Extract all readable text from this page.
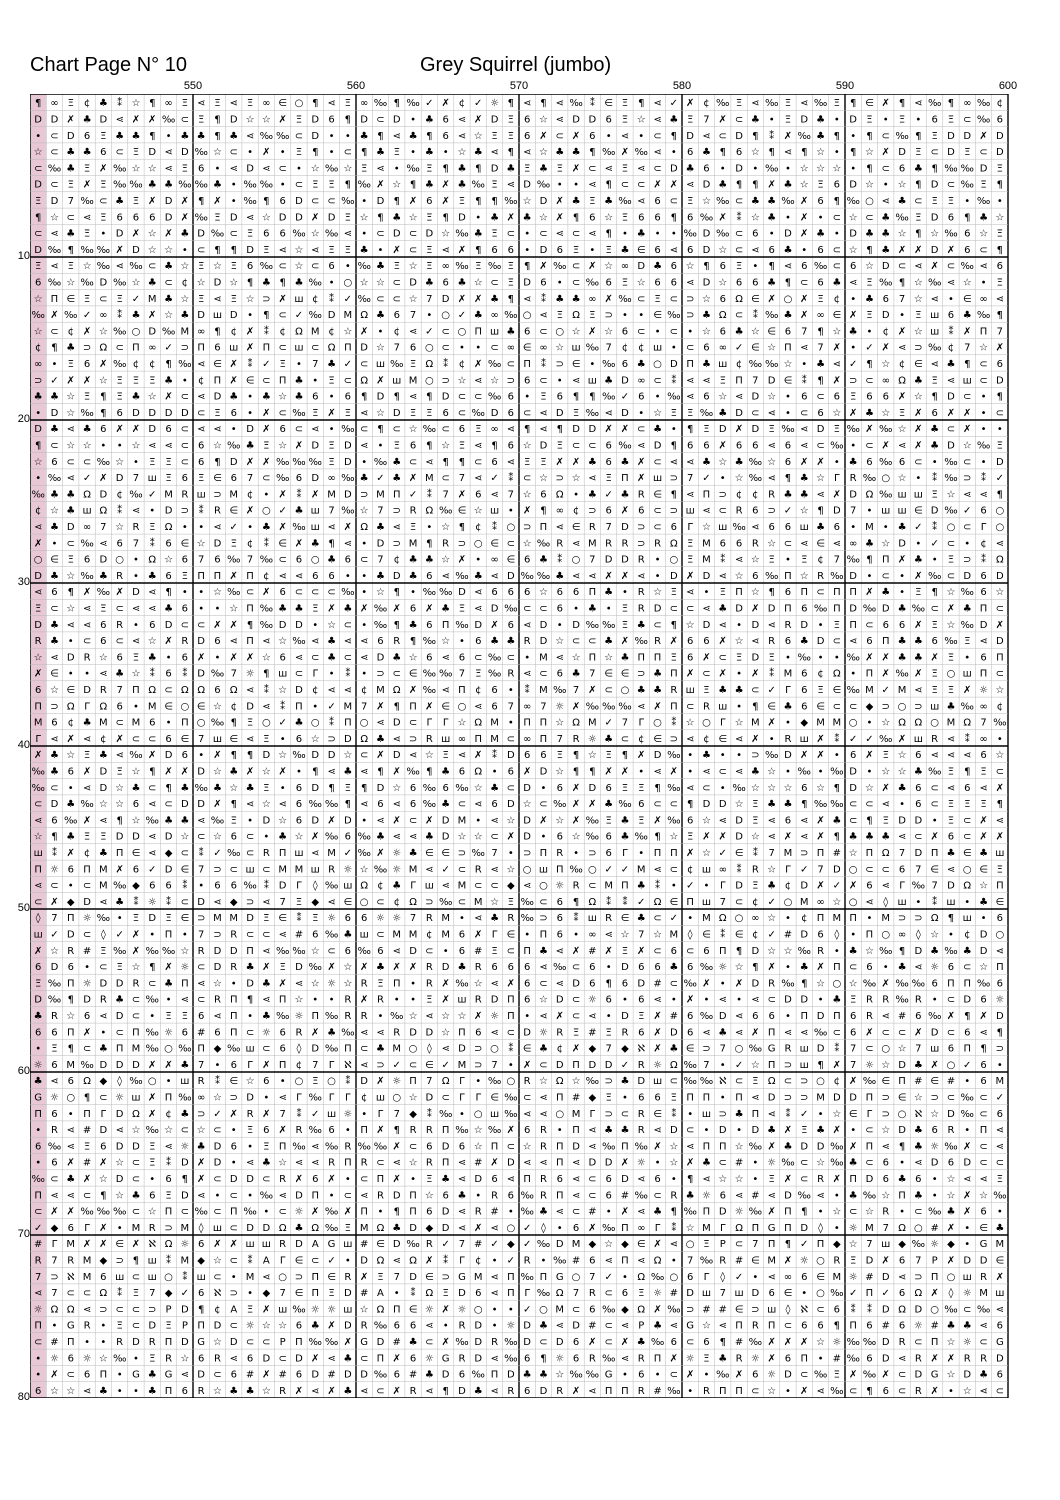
Chart Page N° 10	Grey Squirrel (jumbo)
550	560	570	580	590	600
10
20
30
40
50
60
70
80
¶ ∞ Ξ ¢ ♣ ⁑ ☆ ¶ ∞ Ξ ⋖ Ξ ⋖ Ξ ∞ ∈ ○ ¶ ⋖ Ξ ∞ ‰ ¶ ‰ ✓ ✗ ¢ ✓ ☼ ¶ ⋖ ¶ ⋖ ‰ ⁑ ∈ Ξ ¶ ⋖ ✓ ✗ ¢ ‰ Ξ ⋖ ‰ Ξ ⋖ ‰ Ξ ¶ ∈ ✗ ¶ ⋖ ‰ ¶ ∞ ‰ ¢
D D ✗ ♣ D ⋖ ✗ ✗ ‰ ⊂ Ξ ¶ D ☆ ☆ ✗ Ξ D 6 ¶ D ⊂ D • ♣ 6 ⋖ ✗ D Ξ 6 ☆ ⋖ D D 6 Ξ ☆ ⋖ ♣ Ξ 7 ✗ ⊂ ♣ • Ξ D ♣ • D Ξ • Ξ • 6 Ξ ⊂ ‰ 6
• ⊂ D 6 Ξ ♣ ♣ ¶ • ♣ ♣ ¶ ♣ ⋖ ‰ ‰ ⊂ D • • ♣ ¶ ⋖ ♣ ¶ 6 ⋖ ☆ Ξ Ξ 6 ✗ ⊂ ✗ 6 • ⋖ • ⊂ ¶ D ⋖ ⊂ D ¶ ⁑ ✗ ‰ ♣ ¶ • ¶ ⊂ ‰ ¶ Ξ D D ✗ D
☆ ⊂ ♣ ♣ 6 ⊂ Ξ D ⋖ D ‰ ☆ ⊂ • ✗ • Ξ ¶ • ⊂ ¶ ♣ Ξ • ♣ • ☆ ♣ ⋖ ¶ ⋖ ☆ ♣ ♣ ¶ ‰ ✗ ‰ ⋖ • 6 ♣ ¶ 6 ☆ ¶ ⋖ ¶ ☆ • ¶ ☆ ✗ D Ξ ⊂ D Ξ ⊂ D
⊂ ‰ ♣ Ξ ✗ ‰ ☆ ☆ ⋖ Ξ 6 • ⋖ D ⋖ ⊂ • ☆ ‰ ☆ Ξ ⋖ • ‰ Ξ ¶ ♣ ¶ D ♣ Ξ ♣ Ξ ✗ ⊂ ⋖ Ξ ⋖ ⊂ D ♣ 6 • D • ‰ • ☆ ☆ ☆ • ¶ ⊂ 6 ♣ ¶ ‰ ‰ D Ξ
D ⊂ Ξ ✗ Ξ ‰ ‰ ♣ ♣ ‰ ‰ ♣ • ‰ ‰ • ⊂ Ξ Ξ ¶ ‰ ✗ ☆ ¶ ♣ ✗ ♣ ‰ Ξ ⋖ D ‰ • • ⋖ ¶ ⊂ ⊂ ✗ ✗ ⋖ D ♣ ¶ ¶ ✗ ♣ ☆ Ξ 6 D ☆ • ☆ ¶ D ⊂ ‰ Ξ ¶
Ξ D 7 ‰ ⊂ ♣ Ξ ✗ D ✗ ¶ ✗ • ‰ ¶ 6 D ⊂ ⊂ ‰ • D ¶ ✗ 6 ✗ Ξ ¶ ¶ ‰ ☆ D ✗ ♣ Ξ ♣ ‰ ⋖ 6 ⊂ Ξ ☆ ‰ ⊂ ♣ ♣ ‰ ✗ 6 ¶ ‰ ○ ⋖ ♣ ⊂ Ξ Ξ • ‰ •
¶ ☆ ⊂ ⋖ Ξ 6 6 6 D ✗ ‰ Ξ D ⋖ ☆ D D ✗ D Ξ ☆ ¶ ♣ ☆ Ξ ¶ D • ♣ ✗ ♣ ☆ ✗ ¶ 6 ☆ Ξ 6 6 ¶ 6 ‰ ✗ ⁑ ☆ ♣ • ✗ • ⊂ ☆ ⊂ ♣ ‰ Ξ D 6 ¶ ♣ ☆
⊂ ⋖ ♣ Ξ • D ✗ ☆ ✗ ♣ D ‰ ⊂ Ξ 6 6 ‰ ☆ ‰ ⋖ • ⊂ D ⊂ D ☆ ‰ ♣ Ξ ⊂ • ⊂ ⋖ ⊂ ⋖ ¶ • ♣ • • ‰ D ‰ ⊂ 6 • D ✗ ♣ • D ♣ ♣ ☆ ¶ ☆ ‰ 6 ☆ Ξ
D ‰ ¶ ‰ ‰ ✗ D ☆ ☆ • ⊂ ¶ ¶ D Ξ ⋖ ☆ ⋖ Ξ Ξ ♣ • ✗ ⊂ Ξ ⋖ ✗ ¶ 6 6 • D 6 Ξ • Ξ ♣ ∈ 6 ⋖ 6 D ☆ ⊂ ⋖ 6 ♣ • 6 ⊂ ☆ ¶ ♣ ✗ ✗ D ✗ 6 ⊂ ¶
Ξ ⋖ Ξ ☆ ‰ ⋖ ‰ ⊂ ♣ ☆ Ξ ☆ Ξ 6 ‰ ⊂ ☆ ⊂ 6 • ‰ ♣ Ξ ☆ Ξ ∞ ‰ Ξ ‰ Ξ ¶ ✗ ‰ ⊂ ✗ ☆ ∞ D ♣ 6 ☆ ¶ 6 Ξ • ¶ ⋖ 6 ‰ ⊂ 6 ☆ D ⊂ ⋖ ✗ ⊂ ‰ ⋖ 6
6 ‰ ☆ ‰ D ‰ ☆ ♣ ⊂ ¢ ☆ D ☆ ¶ ♣ ¶ ♣ ‰ • ○ ☆ ☆ ⊂ D ♣ 6 ♣ ☆ ⊂ Ξ D 6 • ⊂ ‰ 6 Ξ ☆ 6 6 ⋖ D ☆ 6 6 ♣ ¶ ⊂ 6 ♣ ⋖ Ξ ‰ ¶ ☆ ‰ ⋖ ☆ • Ξ
☆ Π ∈ Ξ ⊂ Ξ ✓ M ♣ ☆ Ξ ⋖ Ξ ☆ ⊃ ✗ ш ¢ ⁑ ✓ ‰ ⊂ ⊂ ☆ 7 D ✗ ✗ ♣ ¶ ⋖ ⁑ ♣ ♣ ∞ ✗ ‰ ⊂ Ξ ⊂ ⊃ ☆ 6 Ω ∈ ✗ ○ ✗ Ξ ¢ • ♣ 6 7 ☆ ⋖ • ∈ ∞ ⋖
‰ ✗ ‰ ✓ ∞ ⁑ ♣ ✗ ☆ ♣ D ш D • ¶ ⊂ ✓ ‰ D M Ω ♣ 6 7 • ○ ✓ ♣ ∞ ‰ ○ ⋖ Ξ Ω Ξ ⊃ • • ∈ ‰ ⊃ ♣ Ω ⊂ ⁑ ‰ ♣ ✗ ∞ ∈ ✗ Ξ D • Ξ ш 6 ♣ ‰ ¶
☆ ⊂ ¢ ✗ ☆ ‰ ○ D ‰ M ∞ ¶ ¢ ✗ ⁑ ¢ Ω M ¢ ☆ ✗ • ¢ ⋖ ✓ ⊂ ○ Π ш ♣ 6 ⊂ ○ ☆ ✗ ☆ 6 ⊂ • ⊂ • ☆ 6 ♣ ☆ ∈ 6 7 ¶ ☆ ♣ • ¢ ✗ ☆ ш ⁑ ✗ Π 7
¢ ¶ ♣ ⊃ Ω ⊂ Π ∞ ✓ ⊃ Π 6 ш ✗ Π ⊂ ш ⊂ Ω Π D ☆ 7 6 ○ ⊂ • • ⊂ ∞ ∈ ∞ ☆ ш ‰ 7 ¢ ¢ ш • ⊂ 6 ∞ ✓ ∈ ☆ Π ⋖ 7 ✗ • ✓ ✗ ⋖ ⊃ ‰ ¢ 7 ☆ ✗
∞ • Ξ 6 ✗ ‰ ¢ ¢ ¶ ‰ ⋖ ∈ ✗ ⁑ ✓ Ξ • 7 ♣ ✓ ⊂ ш ‰ Ξ Ω ⁑ ¢ ✗ ‰ ⊂ Π ⁑ ⊃ ∈ • ‰ 6 ♣ ○ D Π ♣ ш ¢ ‰ ‰ ☆ • ♣ ⋖ ✓ ¶ ☆ ¢ ∈ ⋖ ♣ ¶ ⊂ 6
⊃ ✓ ✗ ✗ ☆ Ξ Ξ Ξ ♣ • ¢ Π ✗ ∈ ⊂ Π ♣ • Ξ ⊂ Ω ✗ ш M ○ ⊃ ☆ ⋖ ☆ ⊃ 6 ⊂ • ⋖ ш ♣ D ∞ ⊂ ⁑ ⋖ ⋖ Ξ Π 7 D ∈ ⁑ ¶ ✗ ⊃ ⊂ ∞ Ω ♣ Ξ ⋖ ш ⊂ D
♣ ♣ ☆ Ξ ¶ Ξ ♣ ☆ ✗ ⊂ ⋖ D ♣ • ♣ ☆ ♣ 6 • 6 ¶ D ¶ ⋖ ¶ D ⊂ ⊂ ‰ 6 • Ξ 6 ¶ ¶ ‰ ✓ 6 • ‰ ⋖ 6 ☆ ⋖ D ☆ • 6 ⊂ 6 Ξ 6 6 ✗ ☆ ¶ D ⊂ • ¶
• D ☆ ‰ ¶ 6 D D D D ⊂ Ξ 6 • ✗ ⊂ ‰ Ξ ✗ Ξ ⋖ ☆ D Ξ Ξ 6 ⊂ ‰ D 6 ⊂ ⋖ D Ξ ‰ ⋖ D • ☆ Ξ Ξ ‰ ♣ D ⊂ ⋖ • ⊂ 6 ☆ ✗ ♣ ☆ Ξ ✗ 6 ✗ ✗ • ⊂
D ♣ ⋖ ♣ 6 ✗ ✗ D 6 ⊂ ⋖ ⋖ • D ✗ 6 ⊂ ⋖ • ‰ ⊂ ¶ ⊂ ☆ ‰ ⊂ 6 Ξ ∞ ⋖ ¶ ⋖ ¶ D D ✗ ✗ ⊂ ♣ • ¶ Ξ D ✗ D Ξ ‰ ⋖ D Ξ ‰ ✗ ‰ ☆ ✗ ♣ ⊂ ✗ • •
¶ ⊂ ☆ ☆ • • ☆ ⋖ ⋖ ⊂ 6 ☆ ‰ ♣ Ξ ☆ ✗ D Ξ D ⋖ • Ξ 6 ¶ ☆ Ξ ⋖ ¶ 6 ☆ D Ξ ⊂ ⊂ 6 ‰ ⋖ D ¶ 6 6 ✗ 6 6 ⋖ 6 ⋖ ⊂ ‰ • ⊂ ✗ ⋖ ✗ ♣ D ☆ ‰ Ξ
☆ 6 ⊂ ⊂ ‰ ☆ • Ξ Ξ ⊂ 6 ¶ D ✗ ✗ ‰ ‰ ‰ Ξ D • ‰ ♣ ⊂ ⋖ ¶ ¶ ⊂ 6 ⋖ Ξ Ξ ✗ ✗ ♣ 6 ♣ ✗ ⊂ ⋖ ⋖ ♣ ☆ ♣ ‰ ☆ 6 ✗ ✗ • ♣ 6 ‰ 6 ⊂ • ‰ ⊂ • D
• ‰ ⋖ ✓ ✗ D 7 ш Ξ 6 Ξ ∈ 6 7 ⊂ ‰ 6 D ∞ ‰ ♣ ✓ ♣ ✗ M ⊂ 7 ⋖ ✓ ⁑ ⊂ ☆ ⊃ ☆ ⋖ Ξ Π ✗ ш ⊃ 7 ✓ • ☆ ‰ ⋖ ¶ ♣ ☆ Γ R ‰ ○ ☆ • ⁑ ‰ ⊃ ⁑ ✓
‰ ♣ ♣ Ω D ¢ ‰ ✓ M R ш ⊃ M ¢ • ✗ ⁑ ✗ M D ⊃ M Π ✓ ⁑ 7 ✗ 6 ⋖ 7 ☆ 6 Ω • ♣ ✓ ♣ R ∈ ¶ ⋖ Π ⊃ ¢ ¢ R ♣ ♣ ⋖ ✗ D Ω ‰ ш ш Ξ ☆ ⋖ ⋖ ¶
¢ ☆ ♣ ш Ω ⁑ ⋖ • D ⊃ ⁑ R ∈ ✗ ○ ✓ ♣ ш 7 ‰ ☆ 7 ⊃ R Ω ‰ ∈ ☆ ш • ✗ ¶ ∞ ¢ ⊃ 6 ✗ 6 ⊂ ⊃ ш ⋖ ⊂ R 6 ⊃ ✓ ☆ ¶ D 7 • ш ш ∈ D ‰ ✓ 6 ○
⋖ ♣ D ∞ 7 ☆ R Ξ Ω • • ⋖ ✓ • ♣ ✗ ‰ ш ⋖ ✗ Ω ♣ ⋖ Ξ • ☆ ¶ ¢ ⁑ ○ ⊃ Π ⋖ ∈ R 7 D ⊃ ⊂ 6 Γ ☆ ш ‰ ⋖ 6 6 ш ♣ 6 • M • ♣ ✓ ⁑ ○ ⊂ Γ ○
✗ • ⊂ ‰ ⋖ 6 7 ⁑ 6 ∈ ☆ D Ξ ¢ ⁑ ∈ ✗ ♣ ¶ ⋖ • D ⊃ M ¶ R ⊃ ○ ∈ ⊂ ☆ ‰ R ⋖ M R R ⊃ R Ω Ξ M 6 6 R ☆ ⊂ ⋖ ∈ ⋖ ∞ ♣ ☆ D • ✓ ⊂ • ¢ ⋖
○ ∈ Ξ 6 D ○ • Ω ☆ 6 7 6 ‰ 7 ‰ ⊂ 6 ○ ♣ 6 ⊂ 7 ¢ ♣ ♣ ☆ ✗ • ∞ ∈ 6 ♣ ⁑ ○ 7 D D R • ○ Ξ M ⁑ ⋖ ☆ Ξ • Ξ ¢ 7 ‰ ¶ Π ✗ ♣ • Ξ ⊃ ⁑ Ω
D ♣ ☆ ‰ ♣ R • ♣ 6 Ξ Π Π ✗ Π ¢ ⋖ ⋖ 6 6 • • ♣ D ♣ 6 ⋖ ‰ ♣ ⋖ D ‰ ‰ ♣ ⋖ ⋖ ✗ ✗ ⋖ • D ✗ D ⋖ ☆ 6 ‰ Π ☆ R ‰ D • ⊂ • ✗ ‰ ⊂ D 6 D
⋖ 6 ¶ ✗ ‰ ✗ D ⋖ ¶ • • ☆ ‰ ⊂ ✗ 6 ⊂ ⊂ ⊂ ‰ • ☆ ¶ • ‰ ‰ D ⋖ 6 6 6 ☆ 6 6 Π ♣ • R ☆ Ξ ⋖ • Ξ Π ☆ ¶ 6 Π ⊂ Π Π ✗ ♣ • Ξ ¶ ☆ ‰ 6 ☆
Ξ ⊂ ☆ ⋖ Ξ ⊂ ⋖ ⋖ ♣ 6 • • ☆ Π ‰ ♣ ♣ Ξ ✗ ♣ ✗ ‰ ✗ 6 ✗ ♣ Ξ ⋖ D ‰ ⊂ ⊂ 6 • ♣ • Ξ R D ⊂ ⊂ ⋖ ♣ D ✗ D Π 6 ‰ Π D ‰ D ♣ ‰ ⊂ ✗ ♣ Π ⊂
D ♣ ⋖ ⋖ 6 R • 6 D ⊂ ⊂ ✗ ✗ ¶ ‰ D D • ☆ ⊂ • ‰ ¶ ♣ 6 Π ‰ D ✗ 6 ⋖ D • D ‰ ‰ Ξ ♣ ⊂ ¶ ☆ D ⋖ • D ⋖ R D • Ξ Π ⊂ 6 6 ✗ Ξ ☆ ‰ D ✗
R ♣ • ⊂ 6 ⊂ ⋖ ☆ ✗ R D 6 ⋖ Π ⋖ ☆ ‰ ⋖ ♣ ⋖ ⋖ 6 R ¶ ‰ ☆ • 6 ♣ ♣ R D ☆ ⊂ ⊂ ♣ ✗ ‰ R ✗ 6 6 ✗ ☆ ⋖ R 6 ♣ D ⊂ ⋖ 6 Π ♣ ♣ 6 ‰ Ξ ⋖ D
☆ ⋖ D R ☆ 6 Ξ ♣ • 6 ✗ • ✗ ✗ ☆ 6 ⋖ ⊂ ♣ ⊂ ⋖ D ♣ ☆ 6 ⋖ 6 ⊂ ‰ ⊂ • M ⋖ ☆ Π ☆ ♣ Π Π Ξ 6 ✗ ⊂ Ξ D Ξ • ‰ • • ‰ ✗ ✗ ♣ ♣ ✗ Ξ • 6 Π
✗ ∈ • • ⋖ ♣ ☆ ⁑ 6 ⁑ D ‰ 7 ☼ ¶ ш ⊂ Γ • ⁑ • ⊃ ⊂ ∈ ‰ ‰ 7 Ξ ‰ R ⋖ ⊂ 6 ♣ 7 ∈ ∈ ⊃ ♣ Π ✗ ⊂ ✗ • ✗ ⁑ M 6 ¢ Ω • Π ✗ ‰ ✗ Ξ ○ ш Π ⊂
6 ☆ ∈ D R 7 Π Ω ⊂ Ω Ω 6 Ω ⋖ ⁑ ☆ D ¢ ⋖ ⋖ ¢ M Ω ✗ ‰ ⋖ Π ¢ 6 • ⁑ M ‰ 7 ✗ ⊂ ○ ♣ ♣ R ш Ξ ♣ ♣ ⊂ ✓ Γ 6 Ξ ∈ ‰ M ✓ M ⋖ Ξ Ξ ✗ ☼ ☆
Π ⊃ Ω Γ Ω 6 • M ∈ ○ ∈ ☆ ¢ D ⋖ ⁑ Π • ✓ M 7 ✗ ¶ Π ✗ ∈ ○ ⋖ 6 7 ∞ 7 ☼ ✗ ‰ ‰ ‰ ⋖ ✗ Π ⊂ R ш • ¶ ∈ ♣ 6 ∈ ⊂ ⊂ ◆ ⊃ ○ ⊃ ш ♣ ‰ ∞ ¢
M 6 ¢ ♣ M ⊂ M 6 • Π ○ ‰ ¶ Ξ ○ ✓ ♣ ○ ⁑ Π ○ ⋖ D ⊂ Γ Γ ☆ Ω M • Π Π ☆ Ω M ✓ 7 Γ ○ ⁑ ☆ ○ Γ ☆ M ✗ • ◆ M M ○ • ☆ Ω Ω ○ M Ω 7 ‰
Γ ⋖ ✗ ⋖ ¢ ✗ ⊂ ⊂ 6 ∈ 7 ш ∈ ⋖ Ξ • 6 ☆ ⊃ D Ω ♣ ⋖ ⊃ R ш ∞ Π M ⊂ ∞ Π 7 R ☼ ♣ ⊂ ¢ ∈ ⊃ ⋖ ¢ ∈ ⋖ ✗ • R ш ✗ ⁑ ✓ ✓ ‰ ✗ ш R ⋖ ⁑ ∞ •
✗ ♣ ☆ Ξ ♣ ⋖ ‰ ✗ D 6 • ✗ ¶ ¶ D ☆ ‰ D D ☆ ⊂ ✗ D ⋖ ☆ Ξ ⋖ ✗ ⁑ D 6 6 Ξ ¶ ☆ Ξ ¶ ✗ D ‰ • ♣ • • ⊃ ‰ D ✗ ✗ • 6 ✗ Ξ ☆ 6 ⋖ ⋖ ⋖ 6 ☆
‰ ♣ 6 ✗ D Ξ ☆ ¶ ✗ ✗ D ☆ ♣ ✗ ☆ ✗ • ¶ ⋖ ♣ ⋖ ¶ ✗ ‰ ¶ ♣ 6 Ω • 6 ✗ D ☆ ¶ ¶ ✗ ✗ • ⋖ ✗ • ⋖ ⊂ ⋖ ♣ ☆ • ‰ • ‰ D • ☆ ☆ ♣ ‰ Ξ ¶ Ξ ⊂
‰ ⊂ • ⋖ D ☆ ♣ ⊂ ¶ ♣ ‰ ♣ ☆ ♣ Ξ • 6 D ¶ Ξ ¶ D ☆ 6 ‰ 6 ‰ ☆ ♣ ⊂ D • 6 ✗ D 6 Ξ Ξ ¶ ‰ ⋖ ⊂ • ‰ ☆ ☆ ☆ 6 ☆ ¶ D ☆ ✗ ♣ 6 ⊂ ⋖ 6 ⋖ ✗
⊂ D ♣ ‰ ☆ ☆ 6 ⋖ ⊂ D D ✗ ¶ ⋖ ☆ ⋖ 6 ‰ ‰ ¶ ⋖ 6 ⋖ 6 ‰ ♣ ⊂ ⋖ 6 D ☆ ⊂ ‰ ✗ ✗ ♣ ‰ 6 ⊂ ⊂ ¶ D D ☆ Ξ ♣ ♣ ¶ ‰ ‰ ⊂ ⊂ ⋖ • 6 ⊂ Ξ Ξ Ξ ¶
⋖ 6 ‰ ✗ ⋖ ¶ ☆ ‰ ♣ ♣ ⋖ ‰ Ξ • D ☆ 6 D ✗ D • ⋖ ✗ ⊂ ✗ D M • ⋖ ☆ D ✗ ☆ ✗ ‰ Ξ ♣ Ξ ✗ ‰ 6 ☆ ⋖ D Ξ ⋖ 6 ⋖ ✗ ♣ ⊂ ¶ Ξ D D • Ξ ⊂ ✗ ⋖
☆ ¶ ♣ Ξ Ξ D D ⋖ D ☆ ⊂ ☆ 6 ⊂ • ♣ ☆ ✗ ‰ 6 ‰ ♣ ⋖ ⋖ ♣ D ☆ ☆ ⊂ ✗ D • 6 ☆ ‰ 6 ♣ ‰ ¶ ☆ Ξ ✗ ✗ D ☆ ⋖ ✗ ⋖ ✗ ¶ ♣ ♣ ♣ ⋖ ⊂ ✗ 6 ⊂ ✗ ✗
ш ⁑ ✗ ¢ ♣ Π ∈ ⋖ ◆ ⊂ ⁑ ✓ ‰ ⊂ R Π ш ⋖ M ✓ ‰ ✗ ☼ ♣ ∈ ∈ ⊃ ‰ 7 • ⊃ Π R • ⊃ 6 Γ • Π Π ✗ ☆ ✓ ∈ ⁑ 7 M ⊃ Π # ☆ Π Ω 7 D Π ♣ ∈ ♣ ш
Π ☼ 6 Π M ✗ 6 ✓ D ∈ 7 ⊃ ⊂ ш ⊂ M M ш R ☼ ☆ ‰ ☼ M ⋖ ✓ ⊂ R ⋖ ☆ ○ ш Π ‰ ○ ✓ ✓ M ⋖ ⊂ ¢ ш ∞ ⁑ R ☆ Γ ✓ 7 D ○ ⊂ ⊂ 6 7 ∈ ⋖ ○ ∈ Ξ
⋖ ⊂ • ⊂ M ‰ ◆ 6 6 ⁑ • 6 6 ‰ ⁑ D Γ ◊ ‰ ш Ω ¢ ♣ Γ ш ⋖ M ⊂ ⊂ ◆ ⋖ ○ ☼ R ⊂ M Π ♣ ⁑ • ✓ • Γ D Ξ ♣ ¢ D ✗ ✓ ✗ 6 ⋖ Γ ‰ 7 D Ω ☆ Π
⊂ ✗ ◆ D ⋖ ♣ ⁑ ☼ ⁑ ⊂ D ⋖ ◆ ⊃ ⋖ 7 Ξ ◆ ⋖ ∈ ○ ⊂ ¢ Ω ⊃ ‰ ⊂ M ☆ Ξ ‰ ⊂ 6 ¶ Ω ⁑ ⁑ ✓ Ω ∈ Π ш 7 ⊂ ¢ ✓ ○ M ∞ ☆ ○ ⋖ ◊ ш • ⁑ ш • ♣ ∈
◊ 7 Π ☼ ‰ • Ξ D Ξ ∈ ⊃ M M D Ξ ∈ ⁑ Ξ ☼ 6 6 ☼ ☼ 7 R M • ⋖ ♣ R ‰ ⊃ 6 ⁑ ш R ∈ ♣ ⊂ ✓ • M Ω ○ ∞ ☆ • ¢ Π M Π • M ⊃ ⊃ Ω ¶ ш • 6
ш ✓ D ⊂ ◊ ✓ ✗ • Π • 7 ⊃ R ⊂ ⊂ ⋖ # 6 ‰ ♣ ш ⊂ M M ¢ M 6 ✗ Γ ∈ • Π 6 • ∞ ⋖ ☆ 7 ☆ M ◊ ∈ ⁑ ∈ ¢ ✓ # D 6 ◊ • Π ○ ∞ ◊ ☆ • ¢ D ○
✗ ☆ R # Ξ ‰ ✗ ‰ ‰ ☆ R D D Π ⋖ ‰ ‰ ☆ ⊂ 6 ‰ 6 ⋖ D ⊂ • 6 # Ξ ⊂ Π ♣ ⋖ ✗ # ✗ Ξ ✗ ⊂ 6 ⊂ 6 Π ¶ D ☆ ☆ ‰ R • ♣ ☆ ‰ ¶ D ♣ ‰ ♣ D ⋖
6 D 6 • ⊂ Ξ ☆ ¶ ✗ ☼ ⊂ D R ♣ ✗ Ξ D ‰ ✗ ☆ ✗ ♣ ✗ ✗ R D ♣ R 6 6 6 ⋖ ‰ ⊂ 6 • D 6 6 ♣ 6 ‰ ☼ ☆ ¶ ✗ • ♣ ✗ Π ⊂ 6 • ♣ ⋖ ☼ 6 ⊂ ☆ Π
Ξ ‰ Π ☼ D D R ⊂ ♣ Π ⋖ ☆ • D ♣ ✗ ⋖ ☆ ☼ ☆ R Ξ Π • R ✗ ‰ ☆ ⋖ ✗ 6 ⊂ ⋖ D 6 ¶ 6 D # ⊂ ‰ ✗ • ✗ D R ‰ ¶ ☆ ○ ☆ ‰ ✗ ‰ ‰ 6 Π Π ‰ 6
D ‰ ¶ D R ♣ ⊂ ‰ • ⋖ ⊂ R Π ¶ ⋖ Π ☆ • • R ✗ R • • Ξ ✗ ш R D Π 6 ☆ D ⊂ ☼ 6 • 6 ⋖ • ✗ • ⋖ • ⋖ ⊂ D D • ♣ Ξ R R ‰ R • ⊂ D 6 ☼
♣ R ☆ 6 ⋖ D ⊂ • Ξ Ξ 6 ⋖ Π • ♣ ‰ ☼ Π ‰ R R • ‰ ☆ ⋖ ☆ ☆ ✗ ☼ Π • ⋖ ✗ ⊂ ⋖ • D Ξ ✗ # 6 ‰ D ⋖ 6 6 • Π D Π 6 R ⋖ # 6 ‰ ✗ ¶ ✗ D
6 6 Π ✗ • ⊂ Π ‰ ☼ 6 # 6 Π ⊂ ☼ 6 R ✗ ♣ ‰ ⋖ ⋖ R D D ☆ Π 6 ⋖ ⊂ D ☼ R Ξ # Ξ R 6 ✗ D 6 ⋖ ♣ ⋖ ✗ Π ⋖ ⋖ ‰ ⊂ 6 ✗ ⊂ ⊂ ✗ D ⊂ 6 ⋖ ¶
• Ξ ¶ ⊂ ♣ Π M ‰ ○ ‰ Π ◆ ‰ ш ⊂ 6 ◊ D ‰ Π ⊂ ♣ M ○ ◊ ⋖ D ⊃ ○ ⁑ ∈ ♣ ¢ ✗ ◆ 7 ◆ ℵ ✗ ♣ ∈ ⊃ 7 ○ ‰ G R ш D ⁑ 7 ⊂ ○ ☆ 7 ш 6 Π ¶ ⊃
☼ 6 M ‰ D D D ✗ ✗ ♣ 7 • 6 Γ ✗ Π ¢ 7 Γ ℵ ⋖ ⊃ ✓ ⊂ ∈ ✓ M ⊃ 7 • ✗ ⊂ D Π D D ✓ R ☼ Ω ‰ 7 • ✓ ☆ Π ⊃ ш ¶ ✗ 7 ☼ ☆ D ♣ ✗ ○ ✓ 6 •
♣ ⋖ 6 Ω ◆ ◊ ‰ ○ • ш R ⁑ ∈ ☆ 6 • ○ Ξ ○ ⁑ D ✗ ☼ Π 7 Ω Γ • ‰ ○ R ☆ Ω ☆ ‰ ⊃ ♣ D ш ⊂ ‰ ‰ ℵ ⊂ Ξ Ω ⊂ ⊃ ○ ¢ ✗ ‰ ∈ Π # ∈ # • 6 M
G ☼ ○ ¶ ⊂ ☼ ш ✗ Π ‰ ∞ ☆ ⊃ D • ⋖ Γ ‰ Γ Γ ¢ ш ○ ☆ D ⊂ Γ Γ ∈ ‰ ⊂ ⋖ Π # ◆ Ξ • 6 6 Ξ Π Π • Π ⋖ D ⊃ ⊃ M D D Π ⊃ ∈ ☆ ⊃ ⊂ ‰ ⊂ ✓
Π 6 • Π Γ D Ω ✗ ¢ ♣ ⊃ ✓ ✗ R ✗ 7 ⁑ ✓ ш ☼ • Γ 7 ◆ ⁑ ‰ • ○ ш ‰ ⋖ ⋖ ○ M Γ ⊃ ⊂ R ∈ ⁑ • ш ⊃ ♣ Π ⋖ ⁑ ✓ • ☆ ∈ Γ ⊃ ○ ℵ ☆ D ‰ ⊂ 6
• R ⋖ # D ⋖ ☆ ‰ ☆ ⊂ ☆ ⊂ • Ξ 6 ✗ R ‰ 6 • Π ✗ ¶ R R Π ‰ ☆ ‰ ✗ 6 R • Π ⋖ ♣ ♣ R ⋖ D ⊂ • D • D ♣ ✗ Ξ ♣ ✗ • ⊂ ☆ D ♣ 6 R • Π ⋖
6 ‰ ⋖ Ξ 6 D D Ξ ⋖ ☼ ♣ D 6 • Ξ Π ‰ ⋖ ‰ R ‰ ‰ ✗ ⊂ 6 D 6 ☆ Π ⊂ ☆ R Π D ⋖ ‰ Π ‰ ✗ ☆ ⋖ Π Π ☆ ‰ ✗ ♣ D D ‰ ✗ Π ⋖ ¶ ♣ ☼ ‰ ✗ ⊂ ⋖
• 6 ✗ # ✗ ☆ ⊂ Ξ ⁑ D ✗ D • ⋖ ♣ ☆ ⋖ ⋖ R Π R ⊂ ⋖ ☆ R Π ⋖ # ✗ D ⋖ ⋖ Π ⋖ D D ✗ ☼ • ☆ ✗ ♣ ⊂ # • ☼ ‰ ⊂ ☆ ‰ ♣ ⊂ 6 • ⋖ D 6 D ⊂ ⊂
‰ ⊂ ♣ ✗ ☆ D ⊂ • 6 ¶ ✗ ⊂ D D ⊂ R ✗ 6 ✗ • ⊂ Π ✗ • Ξ ♣ ⋖ D 6 ⋖ Π R 6 ⋖ ⊂ 6 D ⋖ 6 • ¶ ⋖ ☆ ☆ • Ξ ✗ ⊂ R ✗ Π D 6 ♣ 6 • ☆ ⋖ ⋖ Ξ
Π ⋖ ⋖ ⊂ ¶ ☆ ♣ 6 Ξ D ⋖ • ⊂ • ‰ ⋖ D Π • ⊂ ⋖ R D Π ☆ 6 ♣ • R 6 ‰ R Π ⋖ ⊂ 6 # ‰ ⊂ R ♣ ☼ 6 ⋖ # ⋖ D ‰ ⋖ • ♣ ‰ ☆ Π ♣ • ☆ ✗ ☆ ‰
⊂ ✗ ✗ ‰ ‰ ‰ ⊂ ☆ Π ⊂ ‰ ⊂ Π ‰ • ⊂ ☼ ✗ ‰ ✗ Π • ¶ Π 6 D ⋖ R # • ‰ ♣ ⋖ ⊂ # • ✗ ⋖ ♣ ¶ ‰ Π D ☼ ‰ ✗ Π ¶ • ☆ ⊂ ☆ R • ⊂ ‰ ♣ ✗ 6 •
✓ ◆ 6 Γ ✗ • M R ⊃ M ◊ ш ⊂ D D Ω ♣ Ω ‰ Ξ M Ω ♣ D ◆ D ⋖ ✗ ⋖ ○ ✓ ◊ • 6 ✗ ‰ Π ∞ Γ ⁑ ☆ M Γ Ω Π G Π D ◊ • ☼ M 7 Ω ○ # ✗ • ∈ ♣
# Γ M ✗ ✗ ∈ ✗ ℵ Ω ☼ 6 ✗ ✗ ш ш R D A G ш # ∈ D ‰ R ✓ 7 # ✓ ◆ ✓ ‰ D M ◆ ☆ ◆ ∈ ✗ ⋖ ○ Ξ P ⊂ 7 Π ¶ ✓ Π ◆ ☆ 7 ш ◆ ‰ ☼ ◆ • G M
R 7 R M ◆ ⊃ ¶ ш ⁑ M ◆ ☆ ⊂ ⁑ A Γ ∈ ⊂ ✓ • D Ω ⋖ Ω ✗ ⁑ Γ ¢ • ✓ R • ‰ # 6 ⋖ Π ⋖ Ω • 7 ‰ R # ∈ M ✗ ☼ ○ R Ξ D ✗ 6 7 P ✗ D D ∈
7 ⊃ ℵ M 6 ш ⊂ ш ○ ⁑ ш ⊂ • M ⋖ ○ ⊃ Π ∈ R ✗ Ξ 7 D ∈ ⊃ G M ⋖ Π ‰ Π G ○ 7 ✓ • Ω ‰ ○ 6 Γ ◊ ✓ • ⋖ ∞ 6 ∈ M ☼ # D ⋖ ⊃ Π ○ ш R ✗
⋖ 7 ⊂ ⊂ Ω ⁑ Ξ 7 ◆ ✓ 6 ℵ ⊃ • ◆ 7 ∈ Π Ξ D # A • ⁑ Ω Ξ D 6 ⋖ Π Γ ‰ Ω 7 R ⊂ 6 Ξ ☼ # D ш 7 ш D 6 ∈ • ○ ‰ ✓ Π ✓ 6 Ω ✗ ◊ ☼ M ш
☼ Ω Ω ⋖ ⊃ ⊂ ⊂ ⊃ P D ¶ ¢ A Ξ ✗ ш ‰ ☼ ☼ ш ☆ Ω Π ∈ ☼ ✗ ☼ ○ • • ✓ ○ M ⊂ 6 ‰ ◆ Ω ✗ ‰ ⊃ # # ∈ ⊃ ш ◊ ℵ ⊂ 6 ⁑ ⁑ D Ω D ○ ‰ ⊂ ‰ ⋖
Π • G R • Ξ ⊂ D Ξ P Π D ⊂ ☼ ☆ ☆ 6 ♣ ✗ D R ‰ 6 6 ⋖ • R D • ☼ D ♣ ⋖ D # ⊂ ⋖ P ♣ ⋖ G ☆ ⋖ Π R Π ⊂ 6 6 ¶ Π 6 # 6 ☼ # ♣ ♣ ⋖ 6
⊂ # Π • • R D R Π D G ☆ D ⊂ ⊂ P Π ‰ ‰ ✗ G D # ♣ ⊂ ✗ ‰ D R ‰ D ⊂ D 6 ✗ ⊂ ✗ ♣ ‰ 6 ⊂ 6 ¶ # ‰ ✗ ✗ ✗ ☆ ☼ ‰ ‰ D R ⊂ Π ☆ ☼ ⊂ G
• ☼ 6 ☼ ☆ ‰ • Ξ R ☆ 6 R ⋖ 6 D ⊂ D ✗ ⋖ ♣ ⊂ Π ✗ 6 ☼ G R D ⋖ ‰ 6 ¶ ☼ 6 R ‰ ⋖ R Π ✗ ☼ Ξ ♣ R ☼ ✗ 6 Π • # ‰ 6 D ⋖ R ✗ ✗ R R D
• ✗ ⊂ 6 Π • G ♣ G ⋖ D ⊂ 6 # ✗ # 6 D # D D ‰ 6 # ♣ D 6 ‰ Π D ♣ ♣ ☆ ‰ ‰ G • 6 • ⊂ ✗ • ‰ ✗ 6 ☼ D ⊂ ‰ Ξ ✗ ‰ ✗ ⊂ D G ☆ D ♣ 6
6 ☆ ☆ ⋖ ♣ • • ♣ Π 6 R ☆ ♣ ♣ ☆ R ✗ ⋖ ✗ ♣ ⋖ ⊂ ✗ R ⋖ ¶ D ♣ ⋖ R 6 D R ✗ ⋖ Π Π R # ‰ • R Π Π ⊂ ☆ • ✗ ⋖ ‰ ⊂ ¶ 6 ⊂ R ✗ • ☆ ⋖ ⊂
